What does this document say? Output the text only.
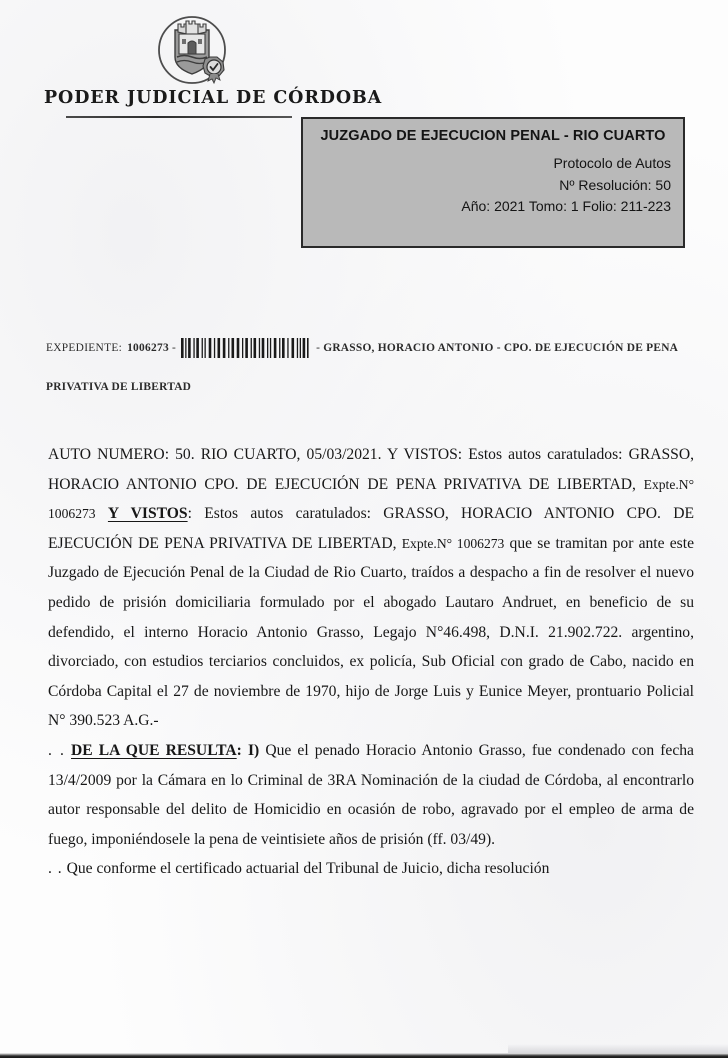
PODER JUDICIAL DE CÓRDOBA
JUZGADO DE EJECUCION PENAL - RIO CUARTO
Protocolo de Autos
Nº Resolución: 50
Año: 2021 Tomo: 1 Folio: 211-223
EXPEDIENTE: 1006273 -	- GRASSO, HORACIO ANTONIO - CPO. DE EJECUCIÓN DE PENA
PRIVATIVA DE LIBERTAD

AUTO NUMERO: 50. RIO CUARTO, 05/03/2021. Y VISTOS: Estos autos caratulados: GRASSO, HORACIO ANTONIO CPO. DE EJECUCIÓN DE PENA PRIVATIVA DE LIBERTAD, Expte.N° 1006273 Y VISTOS: Estos autos caratulados: GRASSO, HORACIO ANTONIO CPO. DE EJECUCIÓN DE PENA PRIVATIVA DE LIBERTAD, Expte.N° 1006273 que se tramitan por ante este Juzgado de Ejecución Penal de la Ciudad de Rio Cuarto, traídos a despacho a fin de resolver el nuevo pedido de prisión domiciliaria formulado por el abogado Lautaro Andruet, en beneficio de su defendido, el interno Horacio Antonio Grasso, Legajo N°46.498, D.N.I. 21.902.722. argentino, divorciado, con estudios terciarios concluidos, ex policía, Sub Oficial con grado de Cabo, nacido en Córdoba Capital el 27 de noviembre de 1970, hijo de Jorge Luis y Eunice Meyer, prontuario Policial N° 390.523 A.G.-

. . DE LA QUE RESULTA: I) Que el penado Horacio Antonio Grasso, fue condenado con fecha 13/4/2009 por la Cámara en lo Criminal de 3RA Nominación de la ciudad de Córdoba, al encontrarlo autor responsable del delito de Homicidio en ocasión de robo, agravado por el empleo de arma de fuego, imponiéndosele la pena de veintisiete años de prisión (ff. 03/49).

. . Que conforme el certificado actuarial del Tribunal de Juicio, dicha resolución
